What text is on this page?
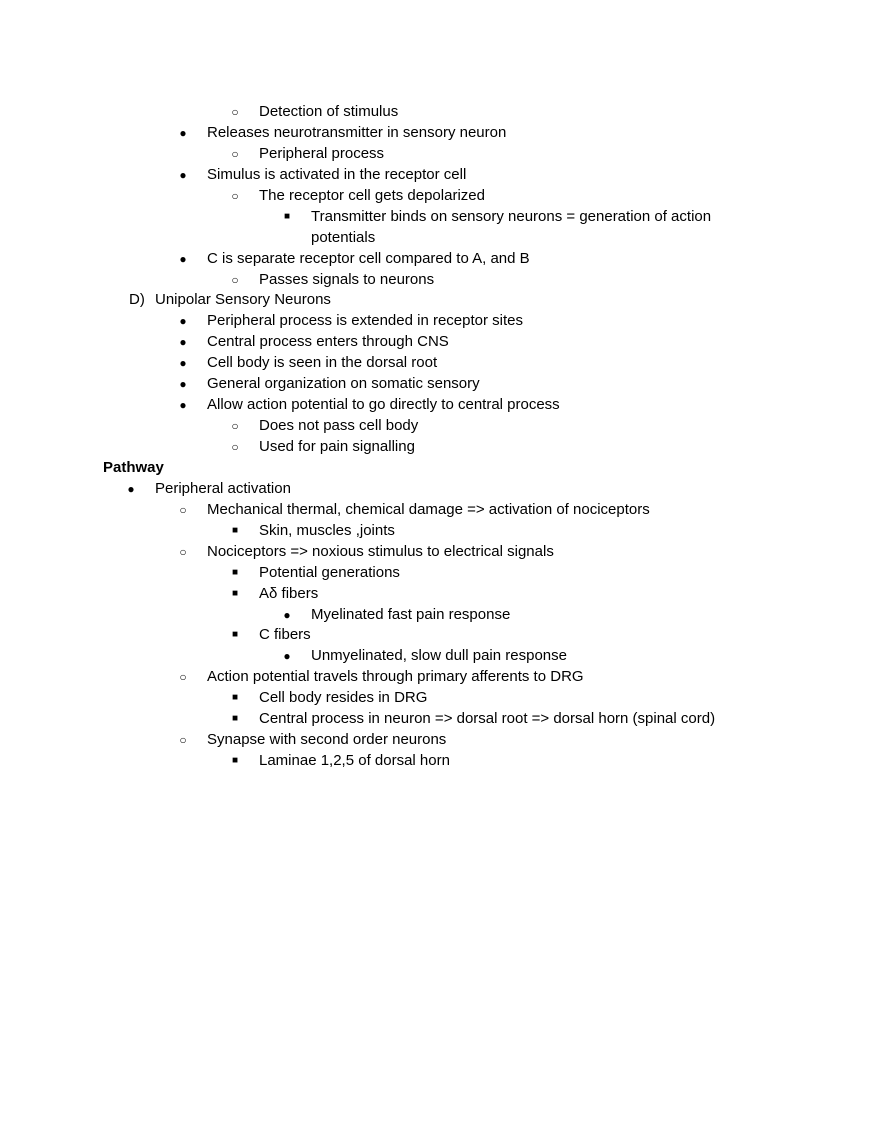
○	Detection of stimulus
●	Releases neurotransmitter in sensory neuron
○	Peripheral process
●	Simulus is activated in the receptor cell
○	The receptor cell gets depolarized
■	Transmitter binds on sensory neurons = generation of action
potentials
●	C is separate receptor cell compared to A, and B
○	Passes signals to neurons
D) Unipolar Sensory Neurons
●	Peripheral process is extended in receptor sites
●	Central process enters through CNS
●	Cell body is seen in the dorsal root
●	General organization on somatic sensory
●	Allow action potential to go directly to central process
○	Does not pass cell body
○	Used for pain signalling
Pathway
●	Peripheral activation
○	Mechanical thermal, chemical damage => activation of nociceptors
■	Skin, muscles ,joints
○	Nociceptors => noxious stimulus to electrical signals
■	Potential generations
■	Aδ fibers
●	Myelinated fast pain response
■	C fibers
●	Unmyelinated, slow dull pain response
○	Action potential travels through primary afferents to DRG
■	Cell body resides in DRG
■	Central process in neuron => dorsal root => dorsal horn (spinal cord)
○	Synapse with second order neurons
■	Laminae 1,2,5 of dorsal horn
